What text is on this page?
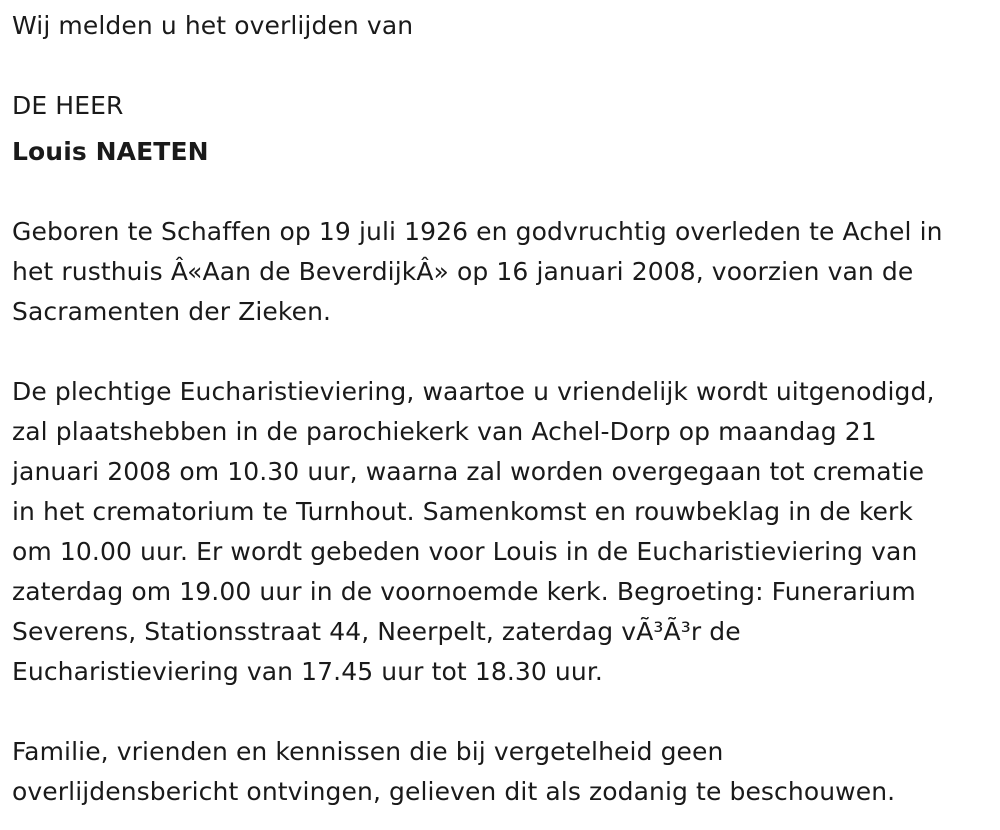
Wij melden u het overlijden van

DE HEER

Louis NAETEN

Geboren te Schaffen op 19 juli 1926 en godvruchtig overleden te Achel in
het rusthuis Â«Aan de BeverdijkÂ» op 16 januari 2008, voorzien van de
Sacramenten der Zieken.
De plechtige Eucharistieviering, waartoe u vriendelijk wordt uitgenodigd,
zal plaatshebben in de parochiekerk van Achel-Dorp op maandag 21
januari 2008 om 10.30 uur, waarna zal worden overgegaan tot crematie
in het crematorium te Turnhout. Samenkomst en rouwbeklag in de kerk
om 10.00 uur. Er wordt gebeden voor Louis in de Eucharistieviering van
zaterdag om 19.00 uur in de voornoemde kerk. Begroeting: Funerarium
Severens, Stationsstraat 44, Neerpelt, zaterdag vÃ³Ã³r de
Eucharistieviering van 17.45 uur tot 18.30 uur.
Familie, vrienden en kennissen die bij vergetelheid geen
overlijdensbericht ontvingen, gelieven dit als zodanig te beschouwen.
